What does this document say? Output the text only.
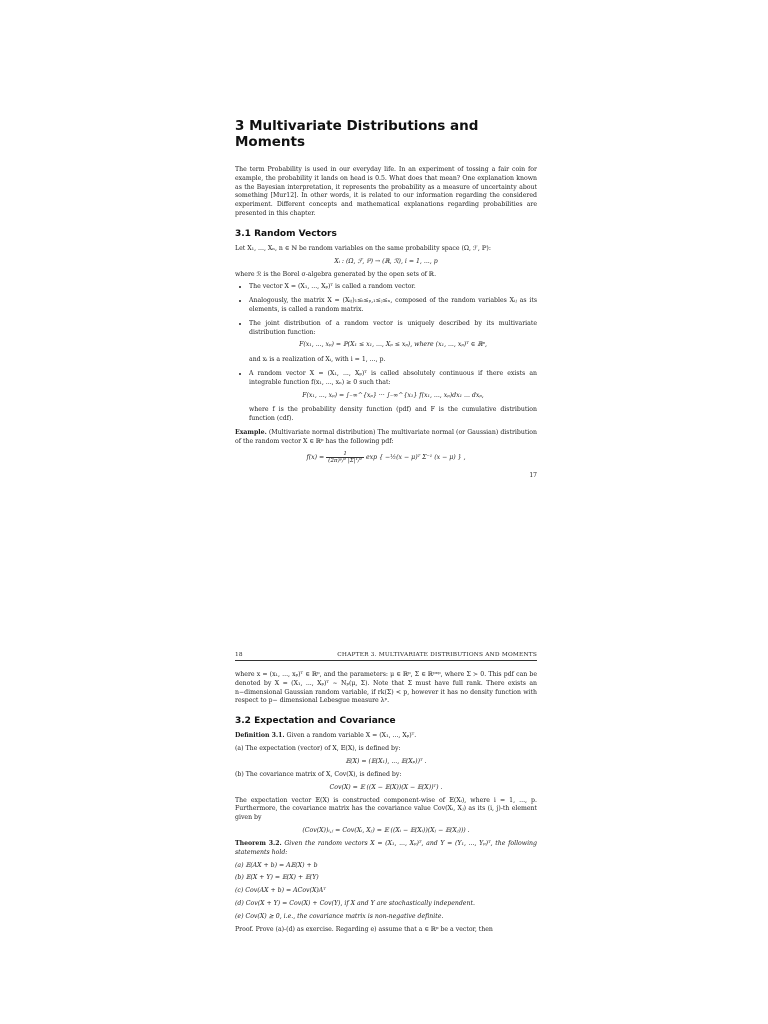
3 Multivariate Distributions and Moments

The term Probability is used in our everyday life. In an experiment of tossing a fair coin for example, the probability it lands on head is 0.5. What does that mean? One explanation known as the Bayesian interpretation, it represents the probability as a measure of uncertainty about something [Mur12]. In other words, it is related to our information regarding the considered experiment. Different concepts and mathematical explanations regarding probabilities are presented in this chapter.

3.1 Random Vectors

Let X₁, ..., Xₙ, n ∈ ℕ be random variables on the same probability space (Ω, ℱ, ℙ):

Xᵢ : (Ω, ℱ, ℙ) → (ℝ, ℛ), i = 1, ..., p

where ℛ is the Borel σ-algebra generated by the open sets of ℝ.

• The vector X = (X₁, ..., Xₚ)ᵀ is called a random vector.
• Analogously, the matrix X = (Xᵢⱼ)₁≤ᵢ≤ₚ,₁≤ⱼ≤ₙ, composed of the random variables Xᵢⱼ as its elements, is called a random matrix.
• The joint distribution of a random vector is uniquely described by its multivariate distribution function:
F(x₁, ..., xₚ) = ℙ(X₁ ≤ x₁, ..., Xₚ ≤ xₚ), where (x₁, ..., xₚ)ᵀ ∈ ℝᵖ,
and xᵢ is a realization of Xᵢ, with i = 1, ..., p.
• A random vector X = (X₁, ..., Xₚ)ᵀ is called absolutely continuous if there exists an integrable function f(x₁, ..., xₙ) ≥ 0 such that:
F(x₁, ..., xₚ) = ∫₋∞^{xₚ} ··· ∫₋∞^{x₁} f(x₁, ..., xₚ)dx₁ ... dxₚ,
where f is the probability density function (pdf) and F is the cumulative distribution function (cdf).

Example. (Multivariate normal distribution) The multivariate normal (or Gaussian) distribution of the random vector X ∈ ℝᵖ has the following pdf:

$f(x) = \frac{1}{\text{(2π)ᵖ/² |Σ|¹/²}}$ exp { −½(x − μ)ᵀ Σ⁻¹ (x − μ) } ,
17
18	CHAPTER 3. MULTIVARIATE DISTRIBUTIONS AND MOMENTS

where x = (x₁, ..., xₚ)ᵀ ∈ ℝᵖ, and the parameters: μ ∈ ℝᵖ, Σ ∈ ℝᵖˣᵖ, where Σ ≻ 0. This pdf can be denoted by X = (X₁, ..., Xₚ)ᵀ ∼ Nₚ(μ, Σ). Note that Σ must have full rank. There exists an n−dimensional Gaussian random variable, if rk(Σ) < p, however it has no density function with respect to p− dimensional Lebesgue measure λᵖ.

3.2 Expectation and Covariance

Definition 3.1. Given a random variable X = (X₁, ..., Xₚ)ᵀ.

(a) The expectation (vector) of X, 𝔼(X), is defined by:

𝔼(X) = (𝔼(X₁), ..., 𝔼(Xₚ))ᵀ .

(b) The covariance matrix of X, Cov(X), is defined by:

Cov(X) = 𝔼 ((X − 𝔼(X))(X − 𝔼(X))ᵀ) .

The expectation vector 𝔼(X) is constructed component-wise of 𝔼(Xᵢ), where i = 1, ..., p. Furthermore, the covariance matrix has the covariance value Cov(Xᵢ, Xⱼ) as its (i, j)-th element given by

(Cov(X))ᵢ,ⱼ = Cov(Xᵢ, Xⱼ) = 𝔼 ((Xᵢ − 𝔼(Xᵢ))(Xⱼ − 𝔼(Xⱼ))) .

Theorem 3.2. Given the random vectors X = (X₁, ..., Xₚ)ᵀ, and Y = (Y₁, ..., Yₚ)ᵀ, the following statements hold:

(a) 𝔼(AX + b) = A𝔼(X) + b

(b) 𝔼(X + Y) = 𝔼(X) + 𝔼(Y)

(c) Cov(AX + b) = ACov(X)Aᵀ

(d) Cov(X + Y) = Cov(X) + Cov(Y), if X and Y are stochastically independent.

(e) Cov(X) ⪰ 0, i.e., the covariance matrix is non-negative definite.

Proof. Prove (a)-(d) as exercise. Regarding e) assume that a ∈ ℝᵖ be a vector, then
